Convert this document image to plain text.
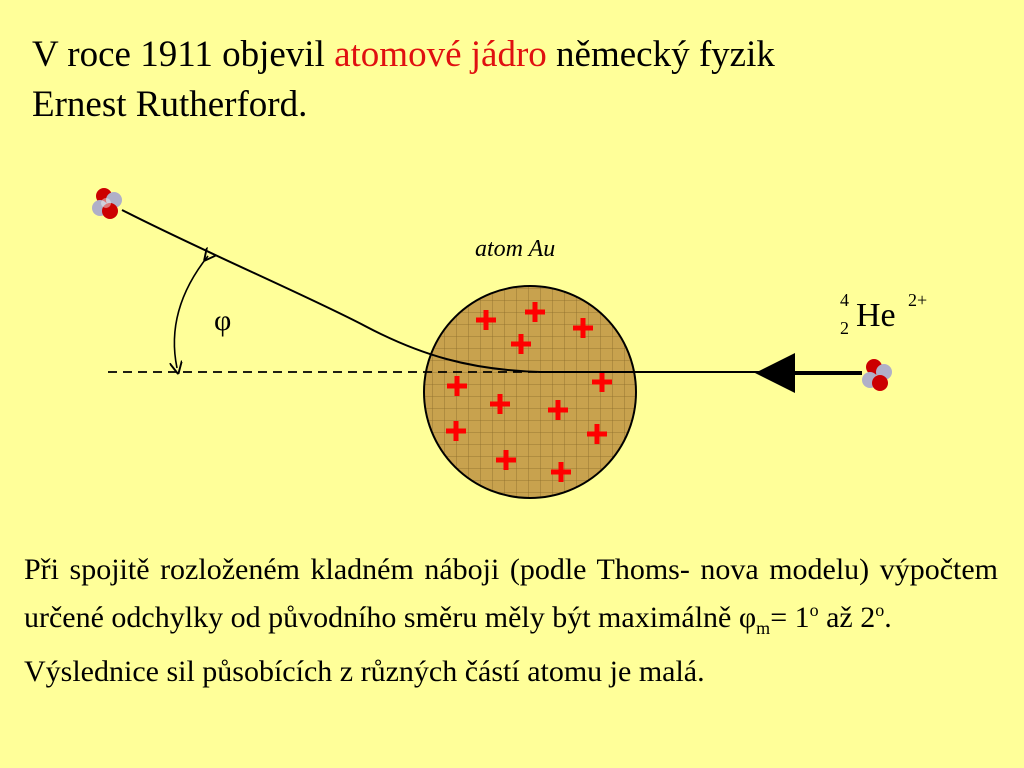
V roce 1911 objevil atomové jádro německý fyzik
Ernest Rutherford.
atom Au
φ
4
2 He 2+

Při spojitě rozloženém kladném náboji (podle Thoms- nova modelu) výpočtem určené odchylky od původního směru měly být maximálně $\varphi_m= 1^o$ až 2$^o$.

Výslednice sil působících z různých částí atomu je malá.
